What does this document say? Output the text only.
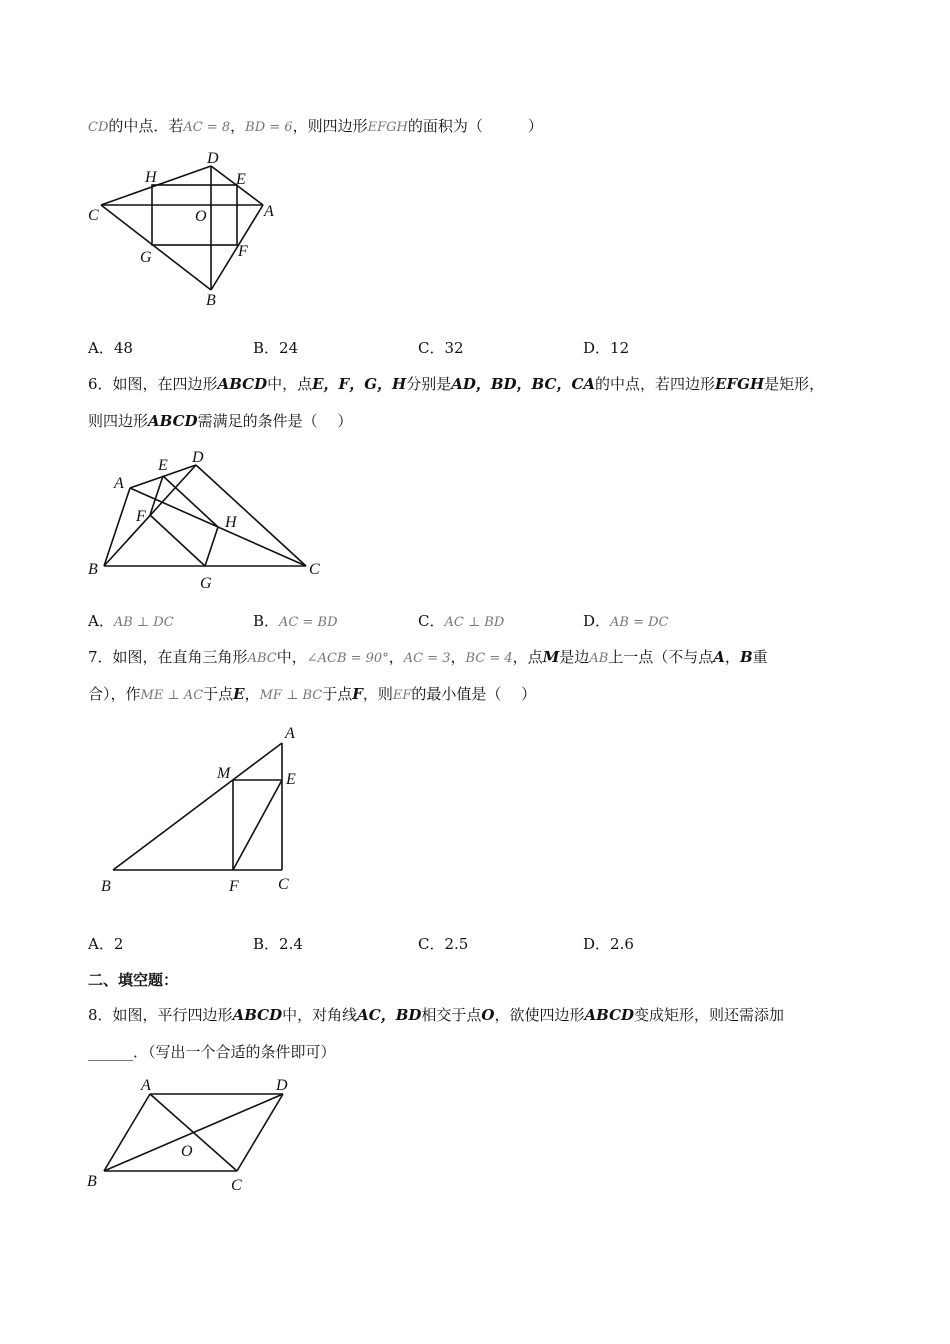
CD的中点．若AC = 8，BD = 6，则四边形EFGH的面积为（　　　）
C
H
D
E
A
O
G	F
B
A．48	B．24	C．32	D．12
6．如图，在四边形ABCD中，点E，F，G，H分别是AD，BD，BC，CA的中点，若四边形EFGH是矩形，
则四边形ABCD需满足的条件是（　 ）
A
E D
F	H
B
G
C
A．AB ⊥ DC	B．AC = BD	C．AC ⊥ BD	D．AB = DC
7．如图，在直角三角形ABC中，∠ACB = 90°，AC = 3，BC = 4，点M是边AB上一点（不与点A，B重
合），作ME ⊥ AC于点E，MF ⊥ BC于点F，则EF的最小值是（　 ）
A
M	E
B	F C
A．2	B．2.4	C．2.5	D．2.6
二、填空题：
8．如图，平行四边形ABCD中，对角线AC，BD相交于点O，欲使四边形ABCD变成矩形，则还需添加
______．（写出一个合适的条件即可）
A	D
O
B	C
